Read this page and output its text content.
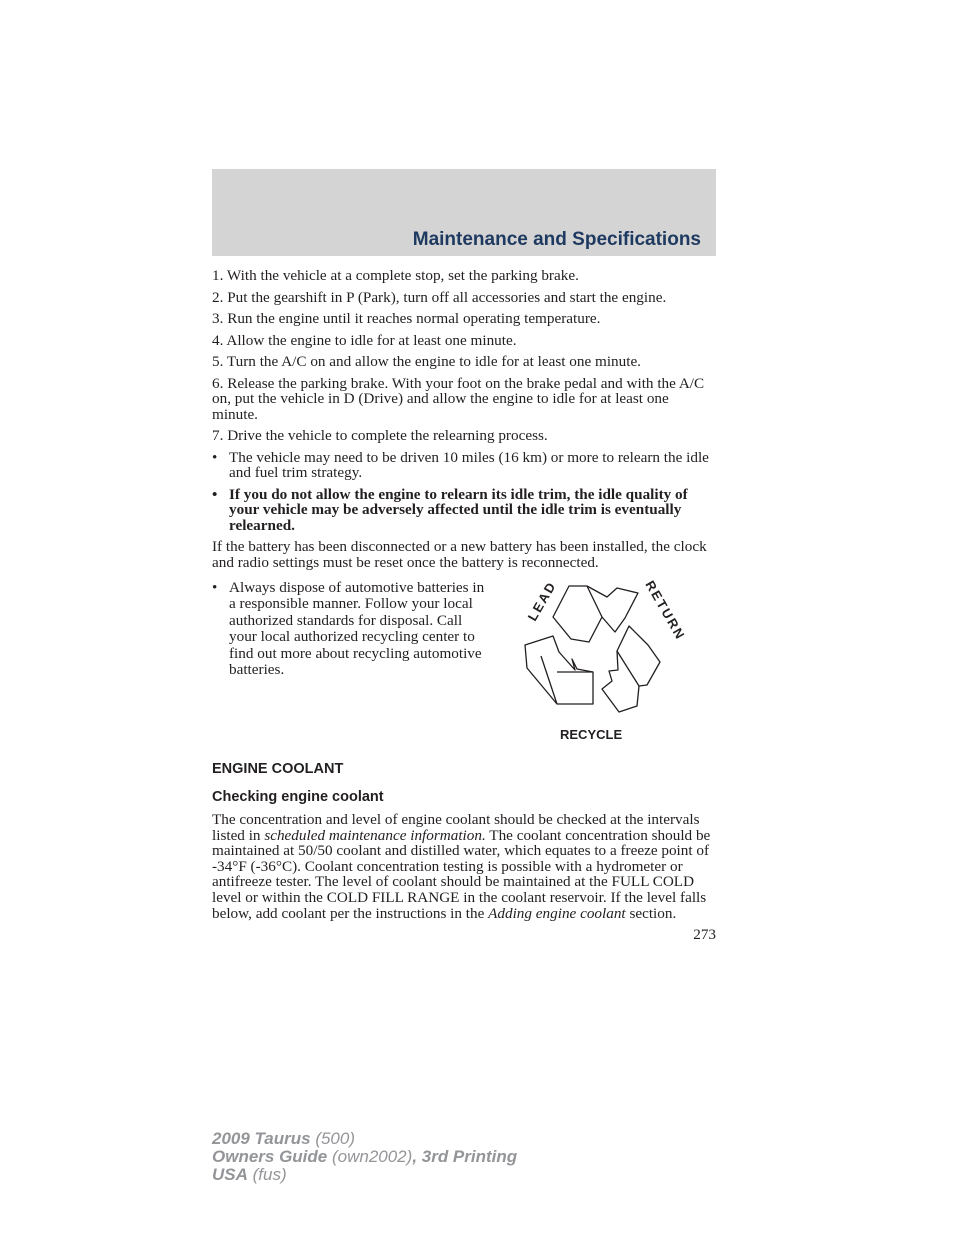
Maintenance and Specifications

1. With the vehicle at a complete stop, set the parking brake.

2. Put the gearshift in P (Park), turn off all accessories and start the engine.

3. Run the engine until it reaches normal operating temperature.

4. Allow the engine to idle for at least one minute.

5. Turn the A/C on and allow the engine to idle for at least one minute.

6. Release the parking brake. With your foot on the brake pedal and with the A/C on, put the vehicle in D (Drive) and allow the engine to idle for at least one minute.

7. Drive the vehicle to complete the relearning process.

• The vehicle may need to be driven 10 miles (16 km) or more to relearn the idle and fuel trim strategy.
• If you do not allow the engine to relearn its idle trim, the idle quality of your vehicle may be adversely affected until the idle trim is eventually relearned.

If the battery has been disconnected or a new battery has been installed, the clock and radio settings must be reset once the battery is reconnected.

• Always dispose of automotive batteries in a responsible manner. Follow your local authorized standards for disposal. Call your local authorized recycling center to find out more about recycling automotive batteries.
LEAD	RETURN
RECYCLE
ENGINE COOLANT
Checking engine coolant

The concentration and level of engine coolant should be checked at the intervals listed in scheduled maintenance information. The coolant concentration should be maintained at 50/50 coolant and distilled water, which equates to a freeze point of -34°F (-36°C). Coolant concentration testing is possible with a hydrometer or antifreeze tester. The level of coolant should be maintained at the FULL COLD level or within the COLD FILL RANGE in the coolant reservoir. If the level falls below, add coolant per the instructions in the Adding engine coolant section.

273
2009 Taurus (500)
Owners Guide (own2002), 3rd Printing
USA (fus)
